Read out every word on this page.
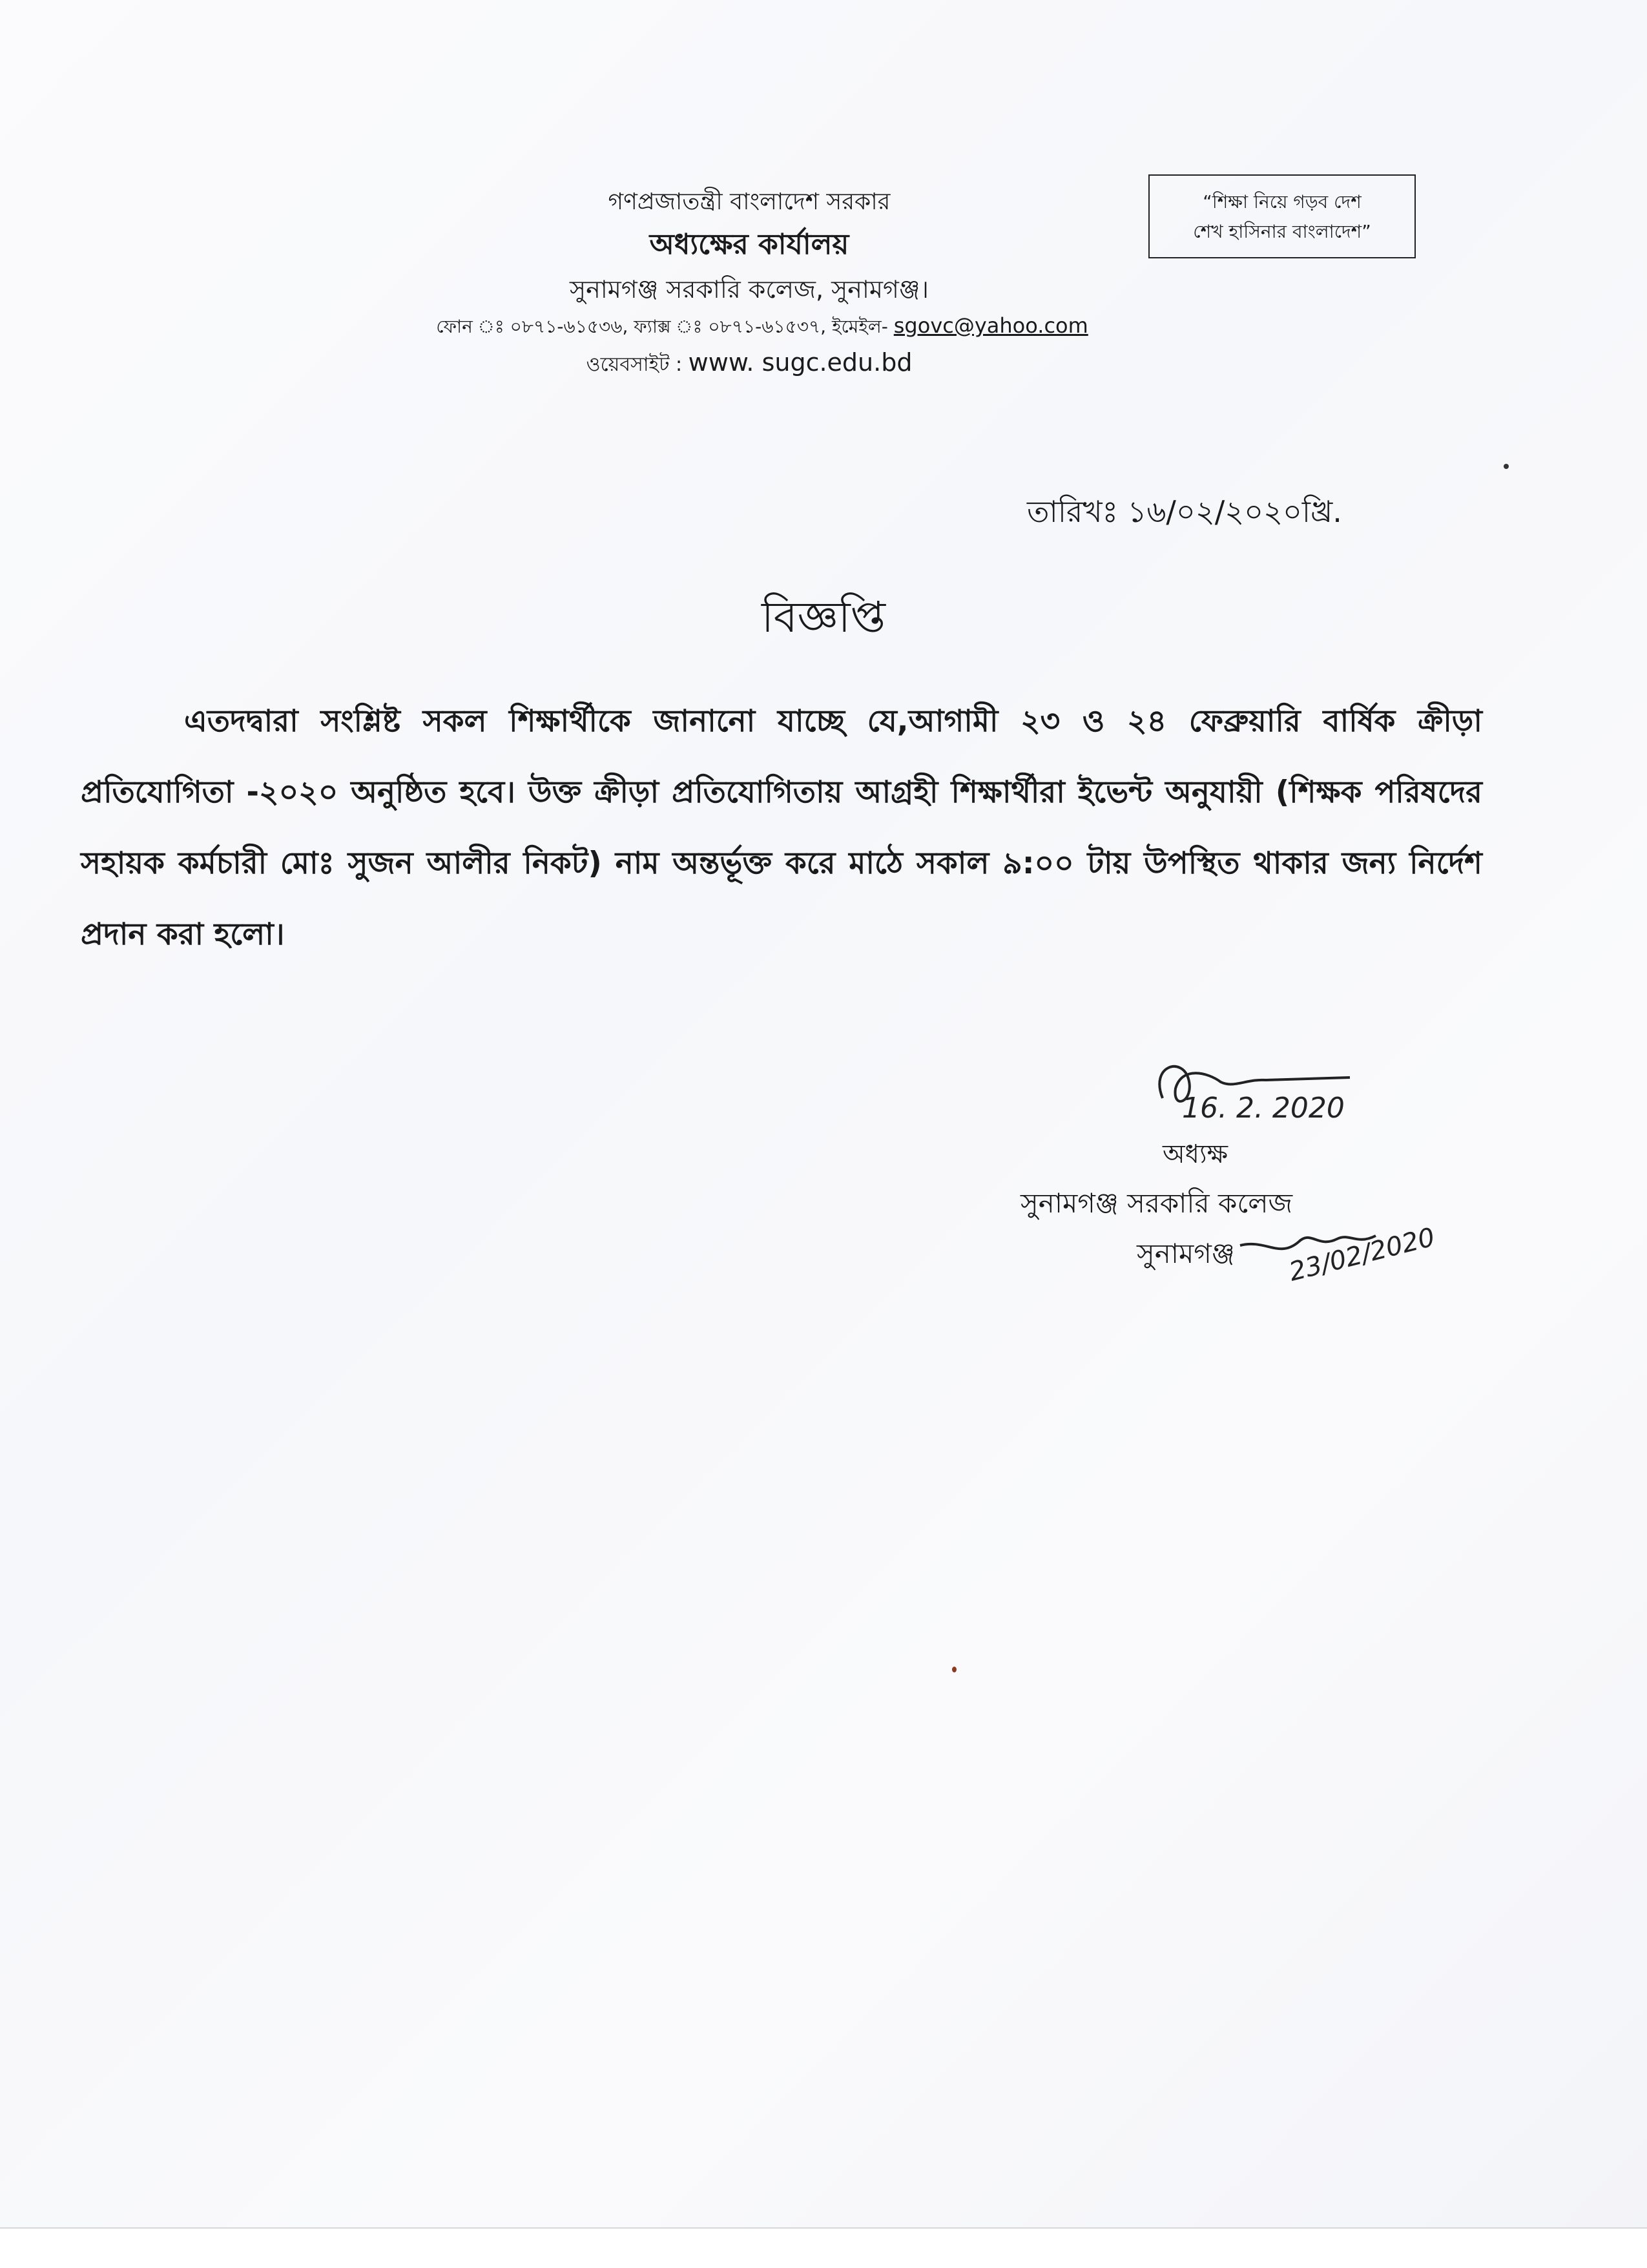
গণপ্রজাতন্ত্রী বাংলাদেশ সরকার
অধ্যক্ষের কার্যালয়
সুনামগঞ্জ সরকারি কলেজ, সুনামগঞ্জ।
ফোন ঃ ০৮৭১-৬১৫৩৬, ফ্যাক্স ঃ ০৮৭১-৬১৫৩৭, ইমেইল- sgovc@yahoo.com
ওয়েবসাইট : www. sugc.edu.bd
“শিক্ষা নিয়ে গড়ব দেশ
শেখ হাসিনার বাংলাদেশ”
তারিখঃ ১৬/০২/২০২০খ্রি.
বিজ্ঞপ্তি
এতদদ্বারা সংশ্লিষ্ট সকল শিক্ষার্থীকে জানানো যাচ্ছে যে,আগামী ২৩ ও ২৪ ফেব্রুয়ারি বার্ষিক ক্রীড়া প্রতিযোগিতা -২০২০ অনুষ্ঠিত হবে। উক্ত ক্রীড়া প্রতিযোগিতায় আগ্রহী শিক্ষার্থীরা ইভেন্ট অনুযায়ী (শিক্ষক পরিষদের সহায়ক কর্মচারী মোঃ সুজন আলীর নিকট) নাম অন্তর্ভূক্ত করে মাঠে সকাল ৯:০০ টায় উপস্থিত থাকার জন্য নির্দেশ প্রদান করা হলো।
16. 2. 2020
অধ্যক্ষ
সুনামগঞ্জ সরকারি কলেজ
সুনামগঞ্জ 23/02/2020
